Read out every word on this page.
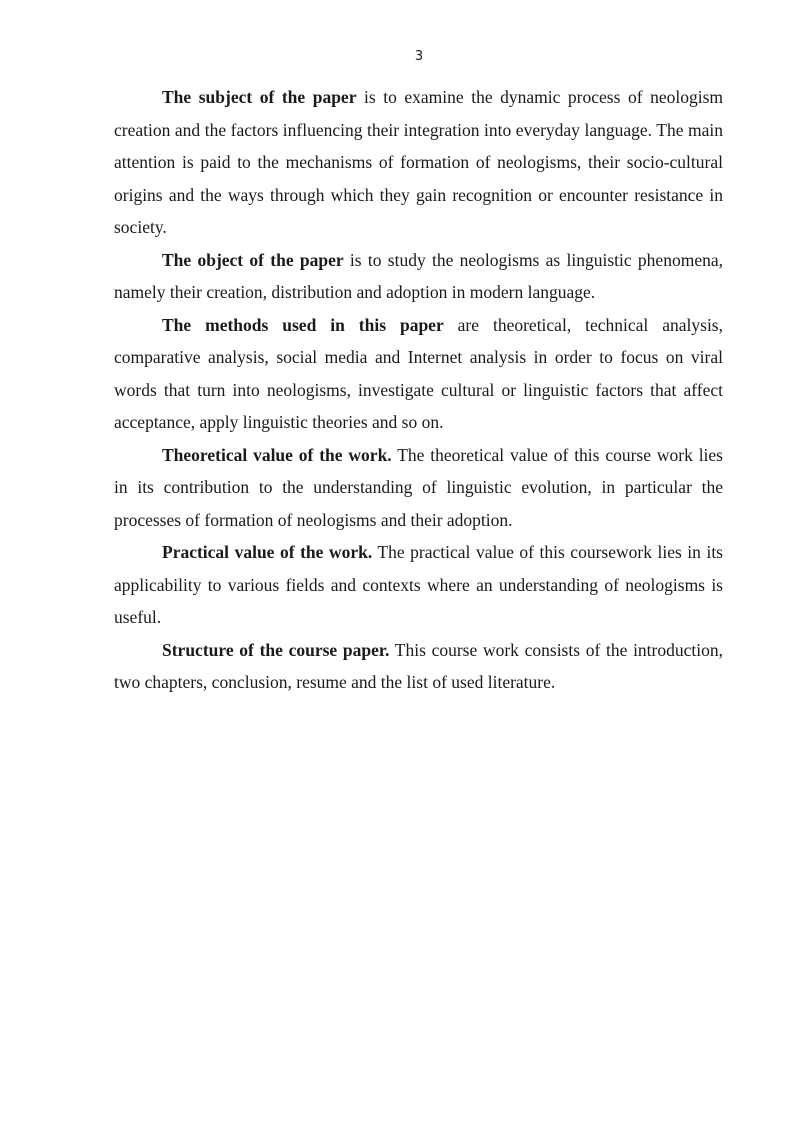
3

The subject of the paper is to examine the dynamic process of neologism creation and the factors influencing their integration into everyday language. The main attention is paid to the mechanisms of formation of neologisms, their socio-cultural origins and the ways through which they gain recognition or encounter resistance in society.

The object of the paper is to study the neologisms as linguistic phenomena, namely their creation, distribution and adoption in modern language.

The methods used in this paper are theoretical, technical analysis, comparative analysis, social media and Internet analysis in order to focus on viral words that turn into neologisms, investigate cultural or linguistic factors that affect acceptance, apply linguistic theories and so on.

Theoretical value of the work. The theoretical value of this course work lies in its contribution to the understanding of linguistic evolution, in particular the processes of formation of neologisms and their adoption.

Practical value of the work. The practical value of this coursework lies in its applicability to various fields and contexts where an understanding of neologisms is useful.

Structure of the course paper. This course work consists of the introduction, two chapters, conclusion, resume and the list of used literature.
